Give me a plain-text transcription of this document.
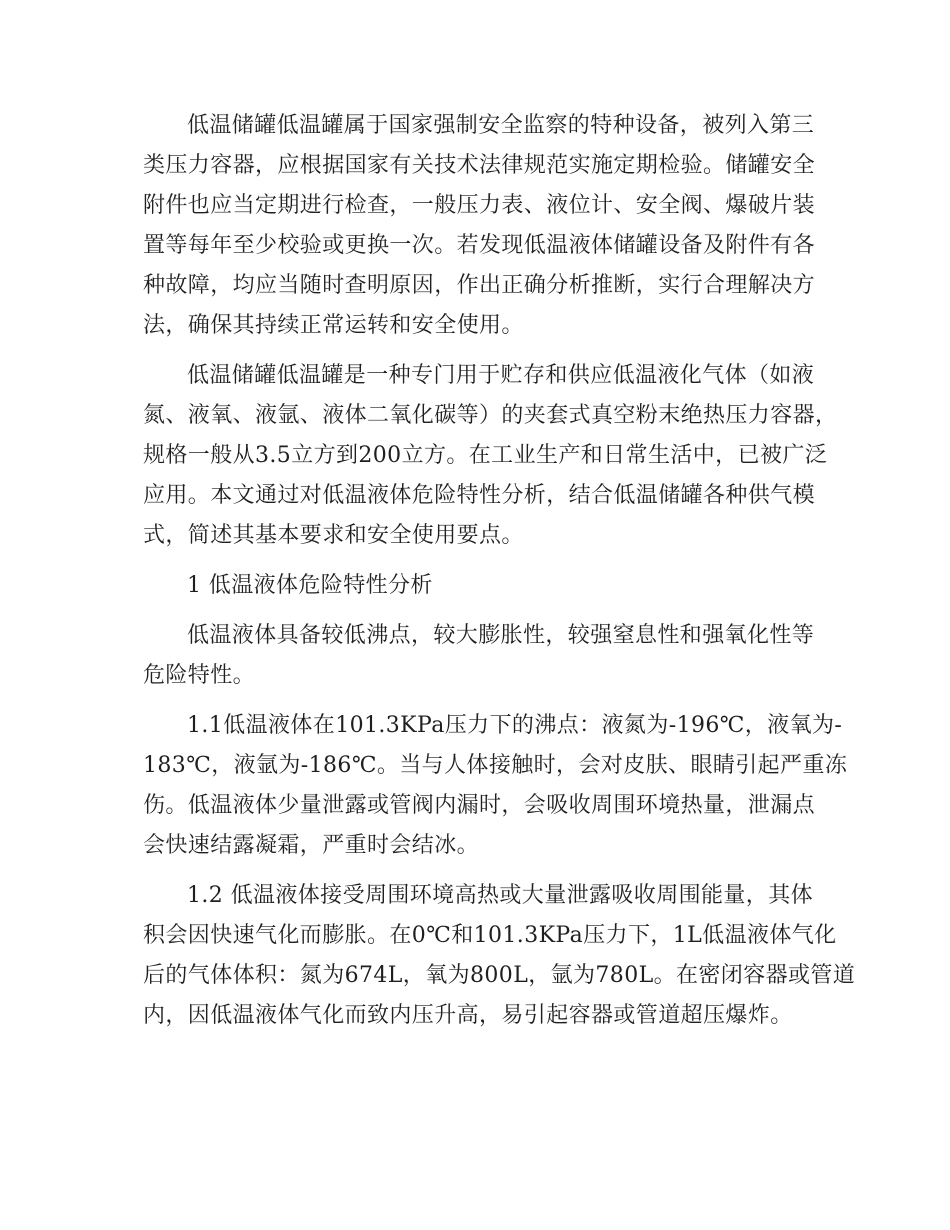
低温储罐低温罐属于国家强制安全监察的特种设备，被列入第三
类压力容器，应根据国家有关技术法律规范实施定期检验。储罐安全
附件也应当定期进行检查，一般压力表、液位计、安全阀、爆破片装
置等每年至少校验或更换一次。若发现低温液体储罐设备及附件有各
种故障，均应当随时查明原因，作出正确分析推断，实行合理解决方
法，确保其持续正常运转和安全使用。
低温储罐低温罐是一种专门用于贮存和供应低温液化气体（如液
氮、液氧、液氩、液体二氧化碳等）的夹套式真空粉末绝热压力容器，
规格一般从3.5立方到200立方。在工业生产和日常生活中，已被广泛
应用。本文通过对低温液体危险特性分析，结合低温储罐各种供气模
式，简述其基本要求和安全使用要点。
1 低温液体危险特性分析
低温液体具备较低沸点，较大膨胀性，较强窒息性和强氧化性等
危险特性。
1.1低温液体在101.3KPa压力下的沸点：液氮为-196℃，液氧为-
183℃，液氩为-186℃。当与人体接触时，会对皮肤、眼睛引起严重冻
伤。低温液体少量泄露或管阀内漏时，会吸收周围环境热量，泄漏点
会快速结露凝霜，严重时会结冰。
1.2 低温液体接受周围环境高热或大量泄露吸收周围能量，其体
积会因快速气化而膨胀。在0℃和101.3KPa压力下，1L低温液体气化
后的气体体积：氮为674L，氧为800L，氩为780L。在密闭容器或管道
内，因低温液体气化而致内压升高，易引起容器或管道超压爆炸。
